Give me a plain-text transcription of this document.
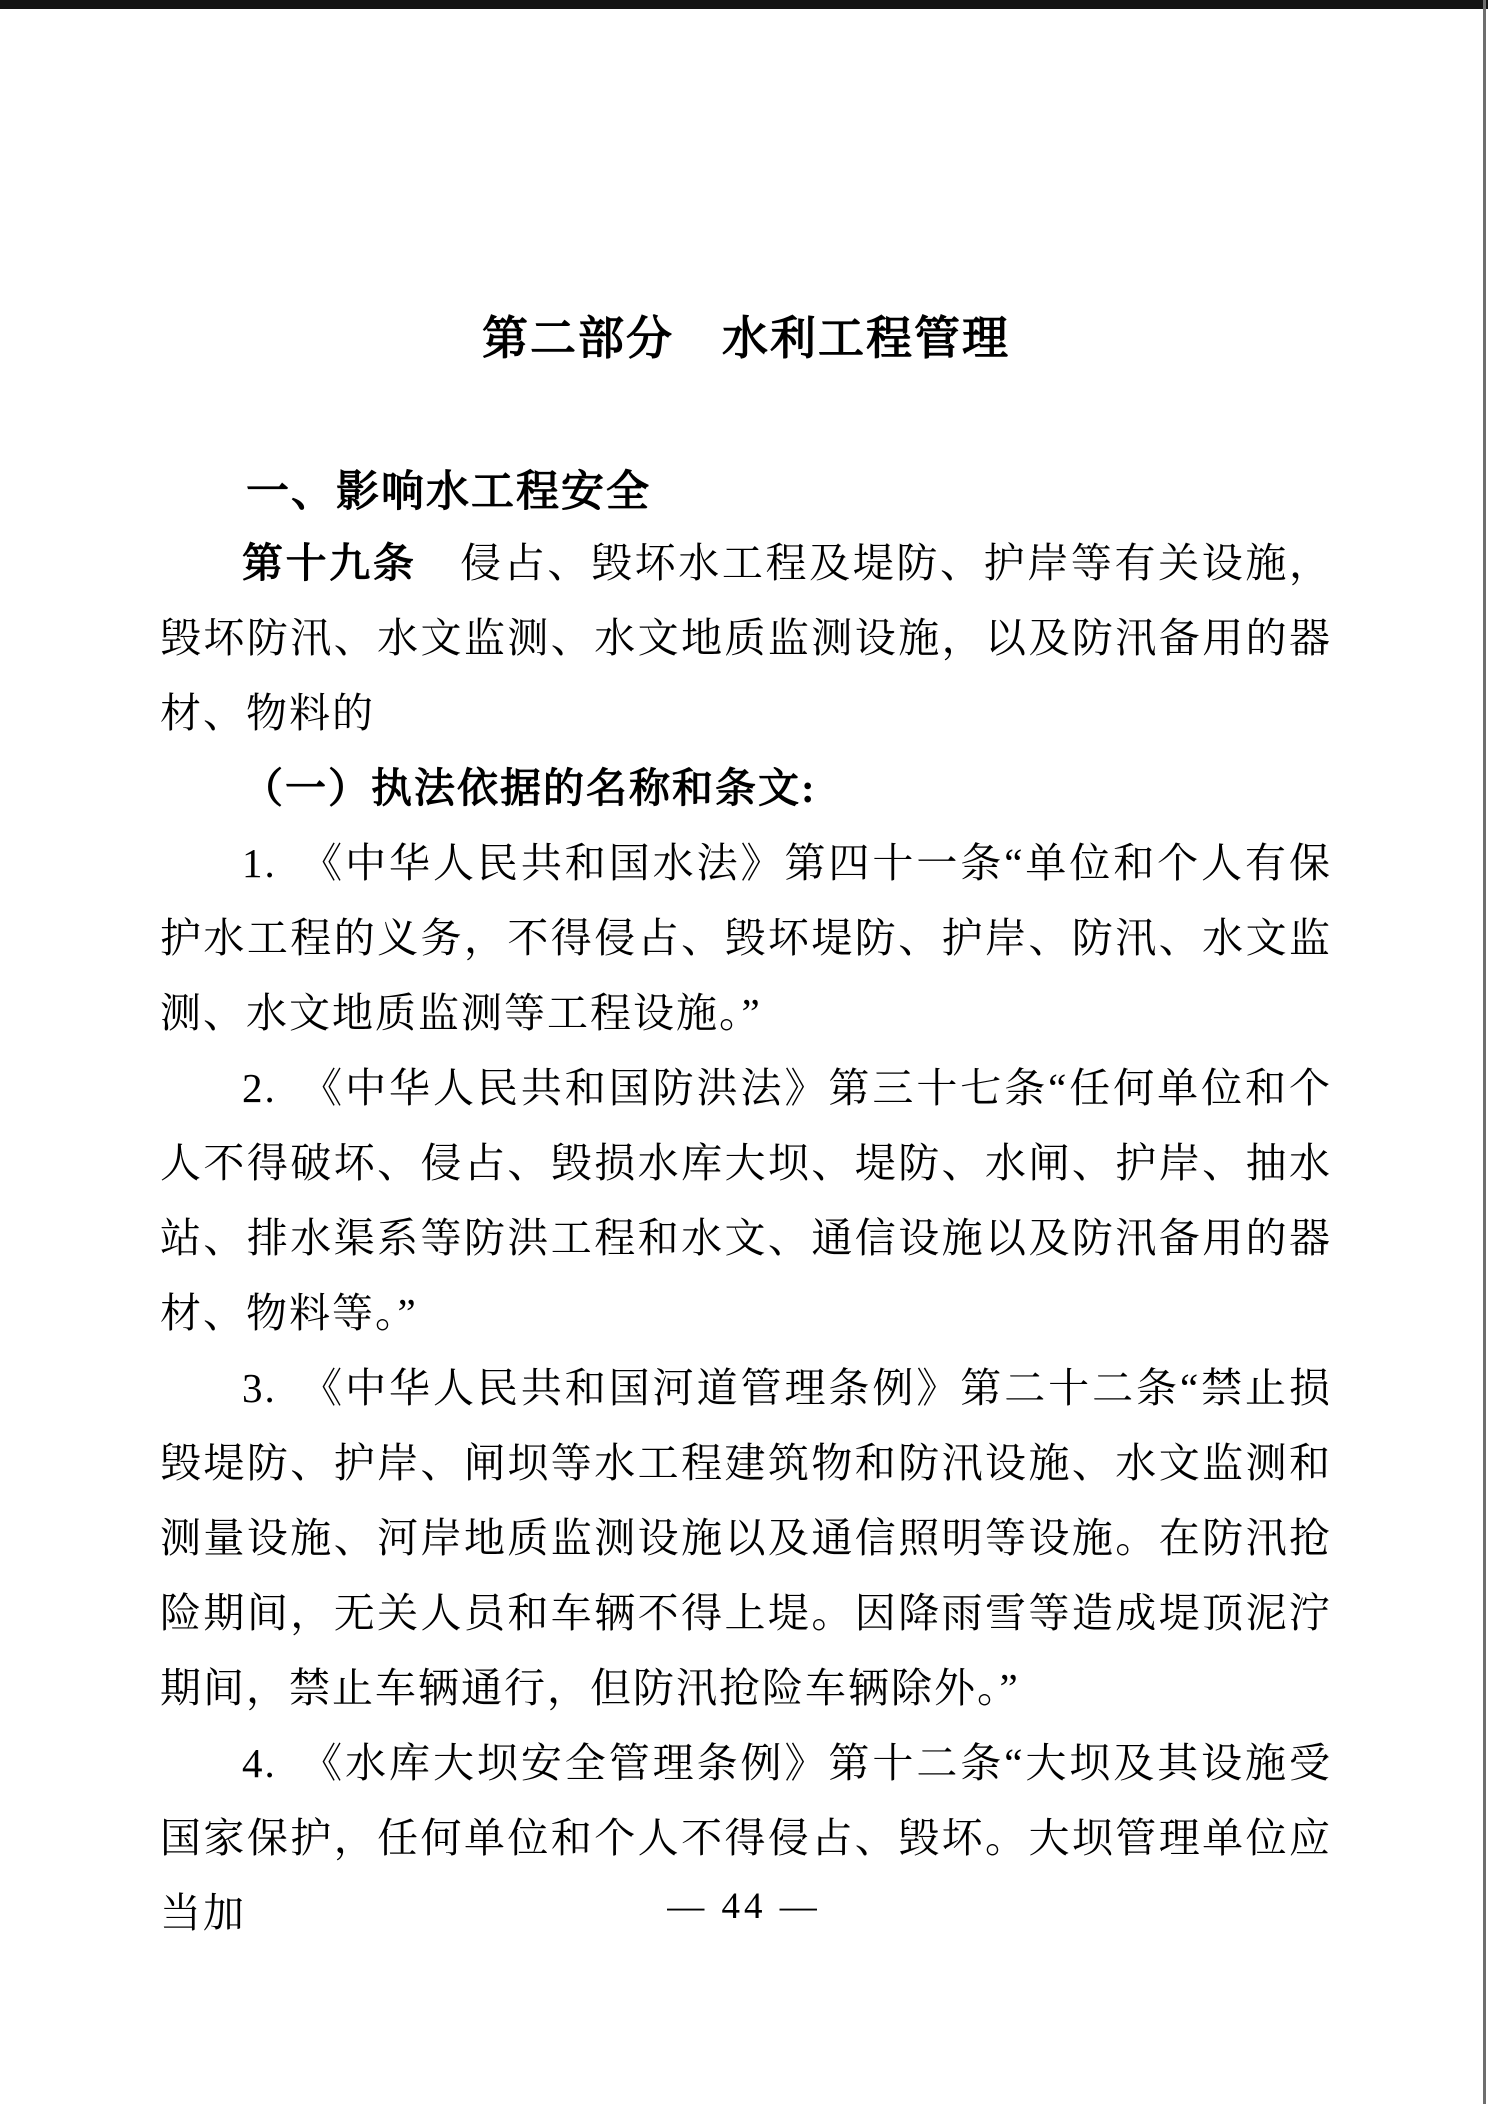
第二部分　水利工程管理
一、影响水工程安全

第十九条　侵占、毁坏水工程及堤防、护岸等有关设施，毁坏防汛、水文监测、水文地质监测设施，以及防汛备用的器材、物料的

（一）执法依据的名称和条文:

1.　《中华人民共和国水法》第四十一条“单位和个人有保护水工程的义务，不得侵占、毁坏堤防、护岸、防汛、水文监测、水文地质监测等工程设施。”

2.　《中华人民共和国防洪法》第三十七条“任何单位和个人不得破坏、侵占、毁损水库大坝、堤防、水闸、护岸、抽水站、排水渠系等防洪工程和水文、通信设施以及防汛备用的器材、物料等。”

3.　《中华人民共和国河道管理条例》第二十二条“禁止损毁堤防、护岸、闸坝等水工程建筑物和防汛设施、水文监测和测量设施、河岸地质监测设施以及通信照明等设施。在防汛抢险期间，无关人员和车辆不得上堤。因降雨雪等造成堤顶泥泞期间，禁止车辆通行，但防汛抢险车辆除外。”

4.　《水库大坝安全管理条例》第十二条“大坝及其设施受国家保护，任何单位和个人不得侵占、毁坏。大坝管理单位应当加	— 44 —
